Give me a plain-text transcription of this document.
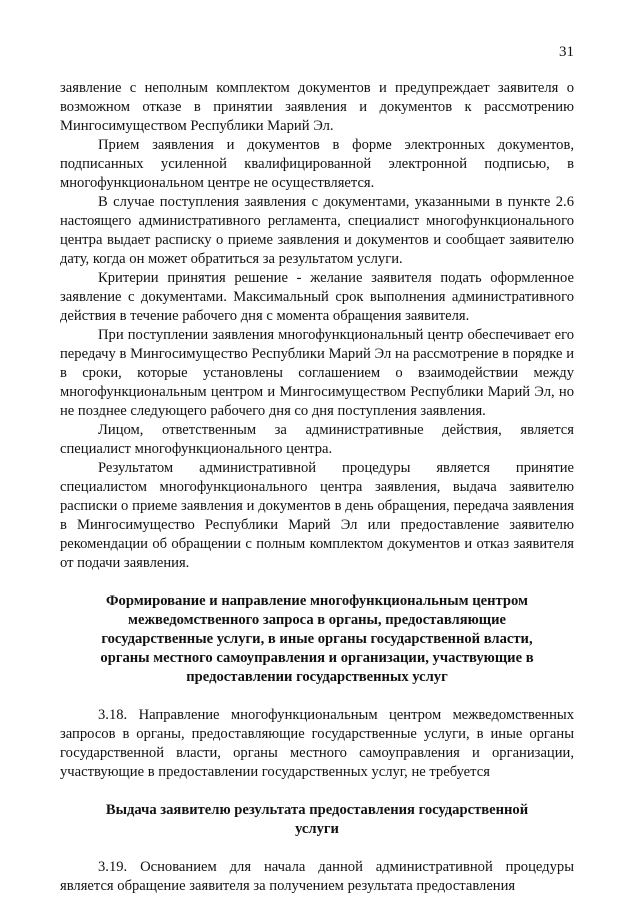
31

заявление с неполным комплектом документов и предупреждает заявителя о возможном отказе в принятии заявления и документов к рассмотрению Мингосимуществом Республики Марий Эл.

Прием заявления и документов в форме электронных документов, подписанных усиленной квалифицированной электронной подписью, в многофункциональном центре не осуществляется.

В случае поступления заявления с документами, указанными в пункте 2.6 настоящего административного регламента, специалист многофункционального центра выдает расписку о приеме заявления и документов и сообщает заявителю дату, когда он может обратиться за результатом услуги.

Критерии принятия решение - желание заявителя подать оформленное заявление с документами. Максимальный срок выполнения административного действия в течение рабочего дня с момента обращения заявителя.

При поступлении заявления многофункциональный центр обеспечивает его передачу в Мингосимущество Республики Марий Эл на рассмотрение в порядке и в сроки, которые установлены соглашением о взаимодействии между многофункциональным центром и Мингосимуществом Республики Марий Эл, но не позднее следующего рабочего дня со дня поступления заявления.

Лицом, ответственным за административные действия, является специалист многофункционального центра.

Результатом административной процедуры является принятие специалистом многофункционального центра заявления, выдача заявителю расписки о приеме заявления и документов в день обращения, передача заявления в Мингосимущество Республики Марий Эл или предоставление заявителю рекомендации об обращении с полным комплектом документов и отказ заявителя от подачи заявления.

Формирование и направление многофункциональным центром межведомственного запроса в органы, предоставляющие государственные услуги, в иные органы государственной власти, органы местного самоуправления и организации, участвующие в предоставлении государственных услуг

3.18. Направление многофункциональным центром межведомственных запросов в органы, предоставляющие государственные услуги, в иные органы государственной власти, органы местного самоуправления и организации, участвующие в предоставлении государственных услуг, не требуется

Выдача заявителю результата предоставления государственной услуги

3.19. Основанием для начала данной административной процедуры является обращение заявителя за получением результата предоставления
